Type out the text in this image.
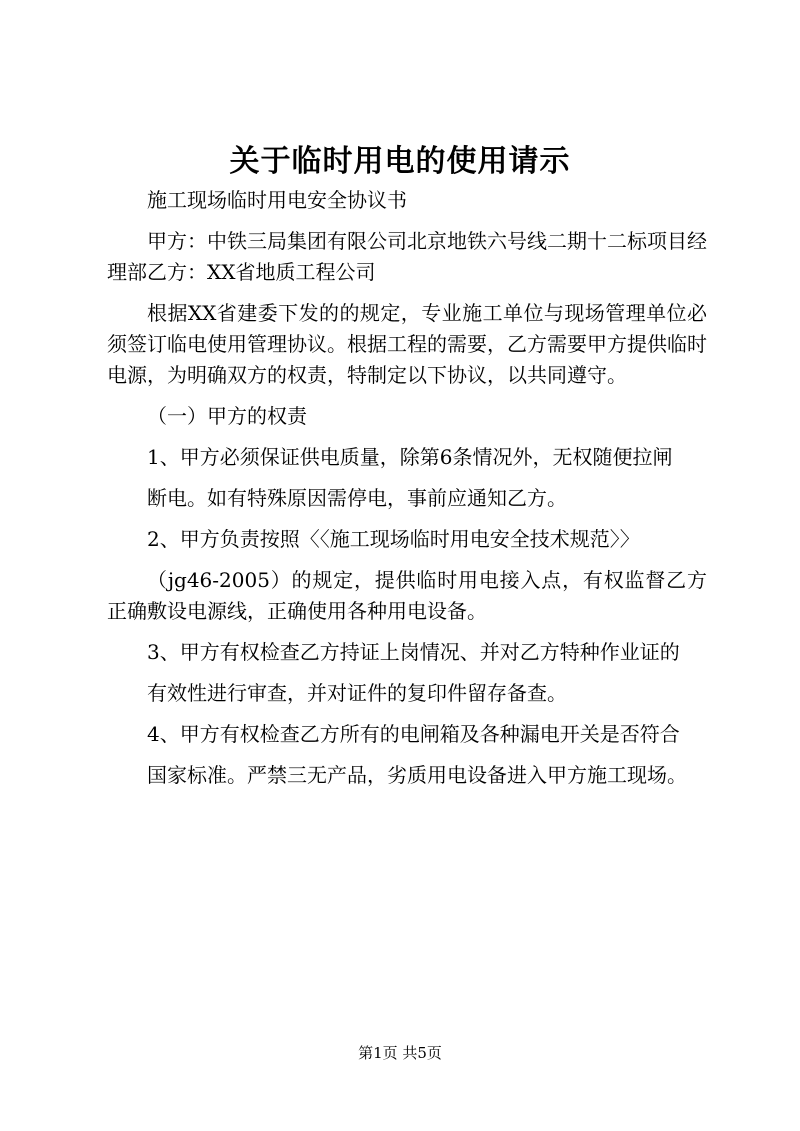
关于临时用电的使用请示

施工现场临时用电安全协议书

甲方：中铁三局集团有限公司北京地铁六号线二期十二标项目经理部乙方：XX省地质工程公司

根据XX省建委下发的的规定，专业施工单位与现场管理单位必须签订临电使用管理协议。根据工程的需要，乙方需要甲方提供临时电源，为明确双方的权责，特制定以下协议，以共同遵守。

（一）甲方的权责

1、甲方必须保证供电质量，除第6条情况外，无权随便拉闸

断电。如有特殊原因需停电，事前应通知乙方。

2、甲方负责按照〈〈施工现场临时用电安全技术规范〉〉

（jg46-2005）的规定，提供临时用电接入点，有权监督乙方正确敷设电源线，正确使用各种用电设备。

3、甲方有权检查乙方持证上岗情况、并对乙方特种作业证的

有效性进行审查，并对证件的复印件留存备查。

4、甲方有权检查乙方所有的电闸箱及各种漏电开关是否符合

国家标准。严禁三无产品，劣质用电设备进入甲方施工现场。

第1页 共5页
